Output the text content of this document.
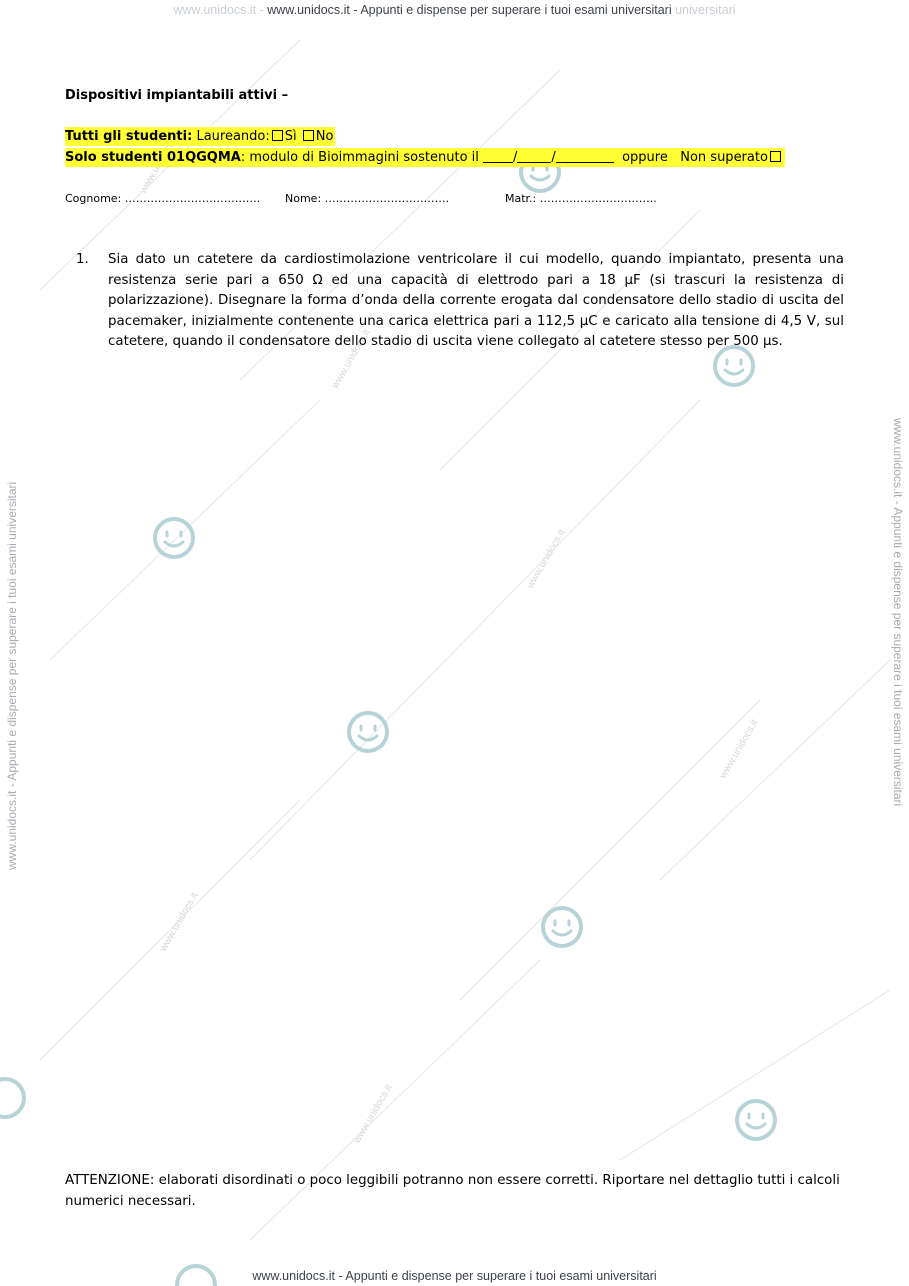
www.unidocs.it - www.unidocs.it - Appunti e dispense per superare i tuoi esami universitari universitari
www.unidocs.it - Appunti e dispense per superare i tuoi esami universitari
www.unidocs.it - Appunti e dispense per superare i tuoi esami universitari	www.unidocs.it - Appunti e dispense per superare i tuoi esami universitari
www.unidocs.it
www.unidocs.it
www.unidocs.it
www.unidocs.it
www.unidocs.it
Dispositivi impiantabili attivi –
Tutti gli studenti: Laureando: Sì No
Solo studenti 01QGQMA: modulo di Bioimmagini sostenuto il	/	/	oppure Non superato
Cognome: ………………………………. Nome: …………………………….	Matr.: …………………………..
1. Sia dato un catetere da cardiostimolazione ventricolare il cui modello, quando impiantato, presenta una resistenza serie pari a 650 Ω ed una capacità di elettrodo pari a 18 μF (si trascuri la resistenza di polarizzazione). Disegnare la forma d’onda della corrente erogata dal condensatore dello stadio di uscita del pacemaker, inizialmente contenente una carica elettrica pari a 112,5 μC e caricato alla tensione di 4,5 V, sul catetere, quando il condensatore dello stadio di uscita viene collegato al catetere stesso per 500 μs.
ATTENZIONE: elaborati disordinati o poco leggibili potranno non essere corretti. Riportare nel dettaglio tutti i calcoli numerici necessari.
